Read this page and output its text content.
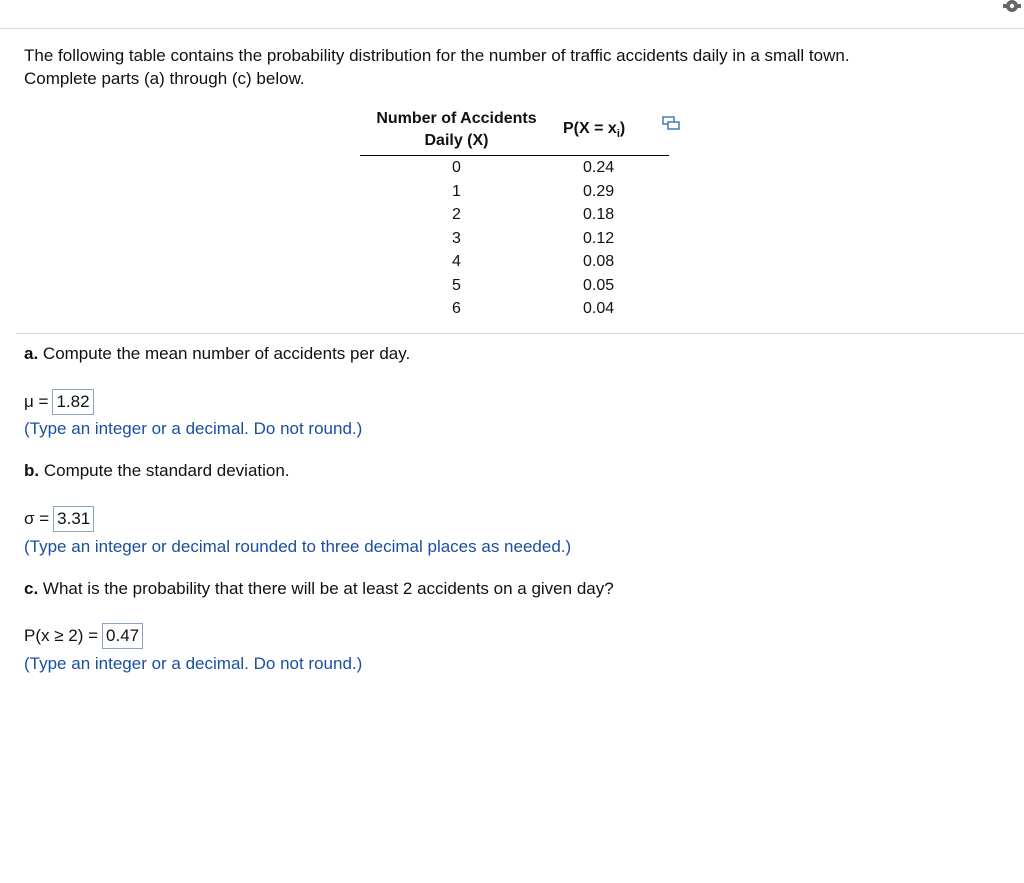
The following table contains the probability distribution for the number of traffic accidents daily in a small town.
Complete parts (a) through (c) below.
Number of Accidents
Daily (X)	$P(X = x_i)$
0	0.24
1	0.29
2	0.18
3	0.12
4	0.08
5	0.05
6	0.04
a. Compute the mean number of accidents per day.
μ = 1.82
(Type an integer or a decimal. Do not round.)
b. Compute the standard deviation.
σ = 3.31
(Type an integer or decimal rounded to three decimal places as needed.)
c. What is the probability that there will be at least 2 accidents on a given day?
P(x ≥ 2) = 0.47
(Type an integer or a decimal. Do not round.)
